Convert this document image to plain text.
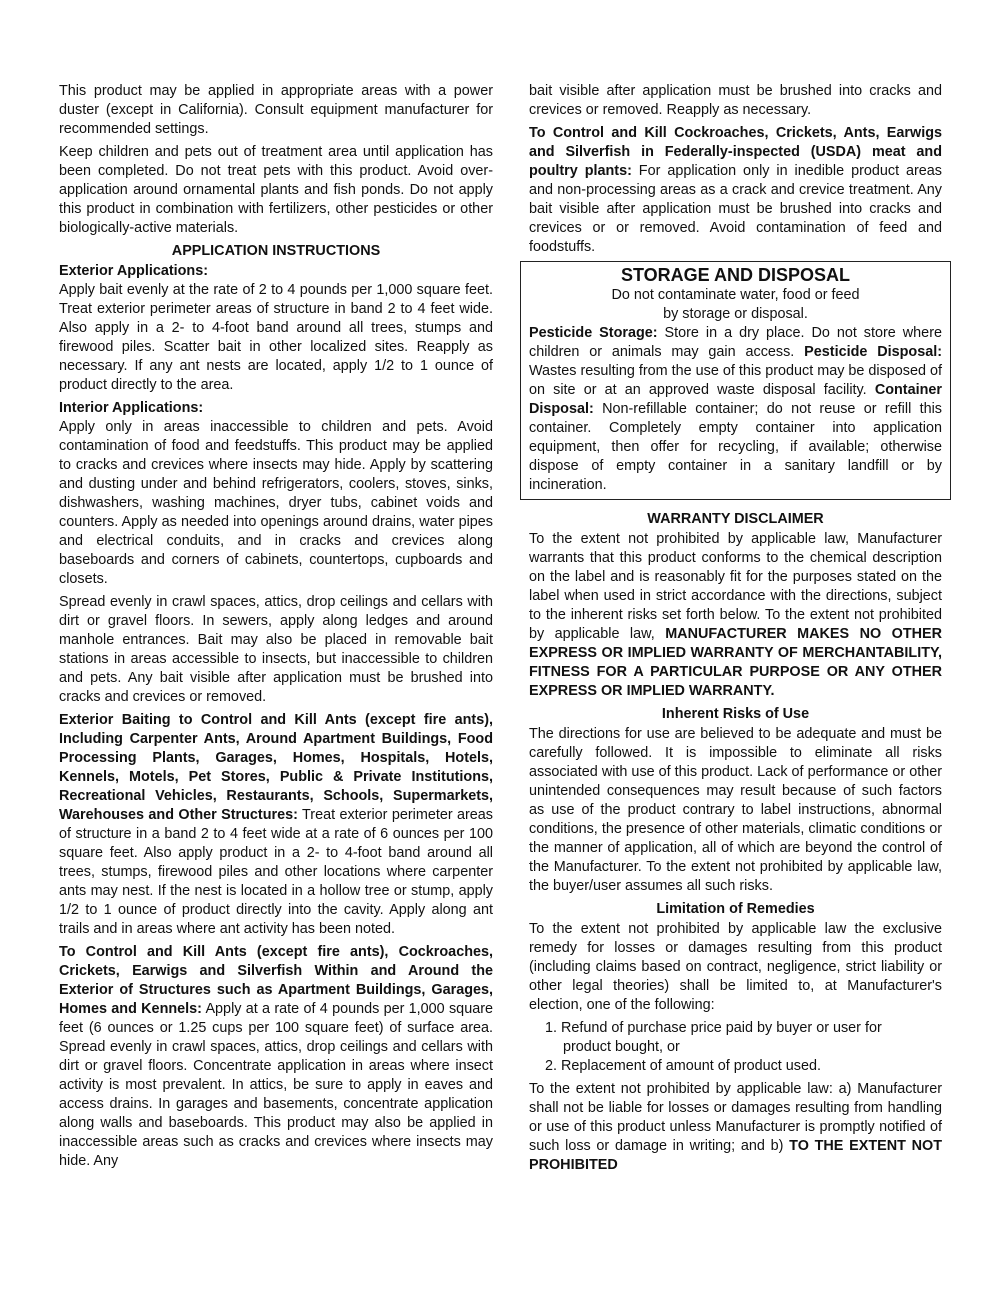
This product may be applied in appropriate areas with a power duster (except in California). Consult equipment manufacturer for recommended settings.

Keep children and pets out of treatment area until application has been completed. Do not treat pets with this product. Avoid over-application around ornamental plants and fish ponds. Do not apply this product in combination with fertilizers, other pesticides or other biologically-active materials.

APPLICATION INSTRUCTIONS
Exterior Applications:

Apply bait evenly at the rate of 2 to 4 pounds per 1,000 square feet. Treat exterior perimeter areas of structure in band 2 to 4 feet wide. Also apply in a 2- to 4-foot band around all trees, stumps and firewood piles. Scatter bait in other localized sites. Reapply as necessary. If any ant nests are located, apply 1/2 to 1 ounce of product directly to the area.

Interior Applications:

Apply only in areas inaccessible to children and pets. Avoid contamination of food and feedstuffs. This product may be applied to cracks and crevices where insects may hide. Apply by scattering and dusting under and behind refrigerators, coolers, stoves, sinks, dishwashers, washing machines, dryer tubs, cabinet voids and counters. Apply as needed into openings around drains, water pipes and electrical conduits, and in cracks and crevices along baseboards and corners of cabinets, countertops, cupboards and closets.

Spread evenly in crawl spaces, attics, drop ceilings and cellars with dirt or gravel floors. In sewers, apply along ledges and around manhole entrances. Bait may also be placed in removable bait stations in areas accessible to insects, but inaccessible to children and pets. Any bait visible after application must be brushed into cracks and crevices or removed.

Exterior Baiting to Control and Kill Ants (except fire ants), Including Carpenter Ants, Around Apartment Buildings, Food Processing Plants, Garages, Homes, Hospitals, Hotels, Kennels, Motels, Pet Stores, Public & Private Institutions, Recreational Vehicles, Restaurants, Schools, Supermarkets, Warehouses and Other Structures: Treat exterior perimeter areas of structure in a band 2 to 4 feet wide at a rate of 6 ounces per 100 square feet. Also apply product in a 2- to 4-foot band around all trees, stumps, firewood piles and other locations where carpenter ants may nest. If the nest is located in a hollow tree or stump, apply 1/2 to 1 ounce of product directly into the cavity. Apply along ant trails and in areas where ant activity has been noted.

To Control and Kill Ants (except fire ants), Cockroaches, Crickets, Earwigs and Silverfish Within and Around the Exterior of Structures such as Apartment Buildings, Garages, Homes and Kennels: Apply at a rate of 4 pounds per 1,000 square feet (6 ounces or 1.25 cups per 100 square feet) of surface area. Spread evenly in crawl spaces, attics, drop ceilings and cellars with dirt or gravel floors. Concentrate application in areas where insect activity is most prevalent. In attics, be sure to apply in eaves and access drains. In garages and basements, concentrate application along walls and baseboards. This product may also be applied in inaccessible areas such as cracks and crevices where insects may hide. Any

bait visible after application must be brushed into cracks and crevices or removed. Reapply as necessary.

To Control and Kill Cockroaches, Crickets, Ants, Earwigs and Silverfish in Federally-inspected (USDA) meat and poultry plants: For application only in inedible product areas and non-processing areas as a crack and crevice treatment. Any bait visible after application must be brushed into cracks and crevices or or removed. Avoid contamination of feed and foodstuffs.

STORAGE AND DISPOSAL
Do not contaminate water, food or feed
by storage or disposal.

Pesticide Storage: Store in a dry place. Do not store where children or animals may gain access. Pesticide Disposal: Wastes resulting from the use of this product may be disposed of on site or at an approved waste disposal facility. Container Disposal: Non-refillable container; do not reuse or refill this container. Completely empty container into application equipment, then offer for recycling, if available; otherwise dispose of empty container in a sanitary landfill or by incineration.

WARRANTY DISCLAIMER

To the extent not prohibited by applicable law, Manufacturer warrants that this product conforms to the chemical description on the label and is reasonably fit for the purposes stated on the label when used in strict accordance with the directions, subject to the inherent risks set forth below. To the extent not prohibited by applicable law, MANUFACTURER MAKES NO OTHER EXPRESS OR IMPLIED WARRANTY OF MERCHANTABILITY, FITNESS FOR A PARTICULAR PURPOSE OR ANY OTHER EXPRESS OR IMPLIED WARRANTY.

Inherent Risks of Use

The directions for use are believed to be adequate and must be carefully followed. It is impossible to eliminate all risks associated with use of this product. Lack of performance or other unintended consequences may result because of such factors as use of the product contrary to label instructions, abnormal conditions, the presence of other materials, climatic conditions or the manner of application, all of which are beyond the control of the Manufacturer. To the extent not prohibited by applicable law, the buyer/user assumes all such risks.

Limitation of Remedies

To the extent not prohibited by applicable law the exclusive remedy for losses or damages resulting from this product (including claims based on contract, negligence, strict liability or other legal theories) shall be limited to, at Manufacturer's election, one of the following:

1. Refund of purchase price paid by buyer or user for
product bought, or
2. Replacement of amount of product used.

To the extent not prohibited by applicable law: a) Manufacturer shall not be liable for losses or damages resulting from handling or use of this product unless Manufacturer is promptly notified of such loss or damage in writing; and b) TO THE EXTENT NOT PROHIBITED
